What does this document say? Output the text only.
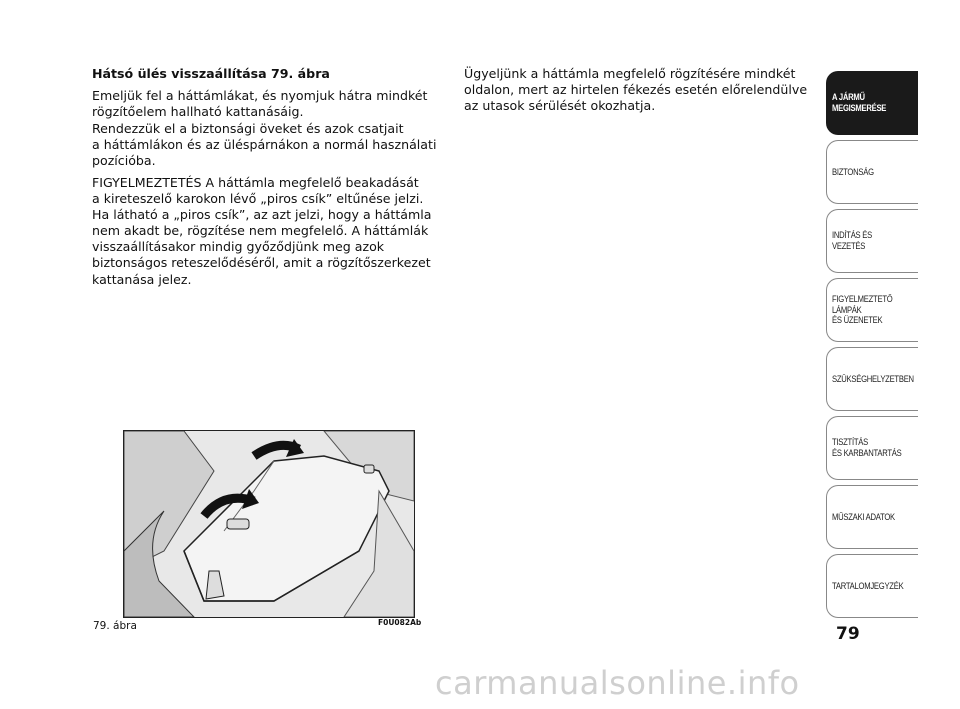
Hátsó ülés visszaállítása 79. ábra

Emeljük fel a háttámlákat, és nyomjuk hátra mindkét
rögzítőelem hallható kattanásáig.
Rendezzük el a biztonsági öveket és azok csatjait
a háttámlákon és az üléspárnákon a normál használati
pozícióba.

FIGYELMEZTETÉS A háttámla megfelelő beakadását
a kireteszelő karokon lévő „piros csík” eltűnése jelzi.
Ha látható a „piros csík”, az azt jelzi, hogy a háttámla
nem akadt be, rögzítése nem megfelelő. A háttámlák
visszaállításakor mindig győződjünk meg azok
biztonságos reteszelődéséről, amit a rögzítőszerkezet
kattanása jelez.

Ügyeljünk a háttámla megfelelő rögzítésére mindkét
oldalon, mert az hirtelen fékezés esetén előrelendülve
az utasok sérülését okozhatja.

79. ábra	F0U082Ab
A JÁRMŰ
MEGISMERÉSE
BIZTONSÁG
INDÍTÁS ÉS VEZETÉS
FIGYELMEZTETŐ
LÁMPÁK
ÉS ÜZENETEK
SZÜKSÉGHELYZETBEN
TISZTÍTÁS
ÉS KARBANTARTÁS
MŰSZAKI ADATOK
TARTALOMJEGYZÉK
79
carmanualsonline.info
